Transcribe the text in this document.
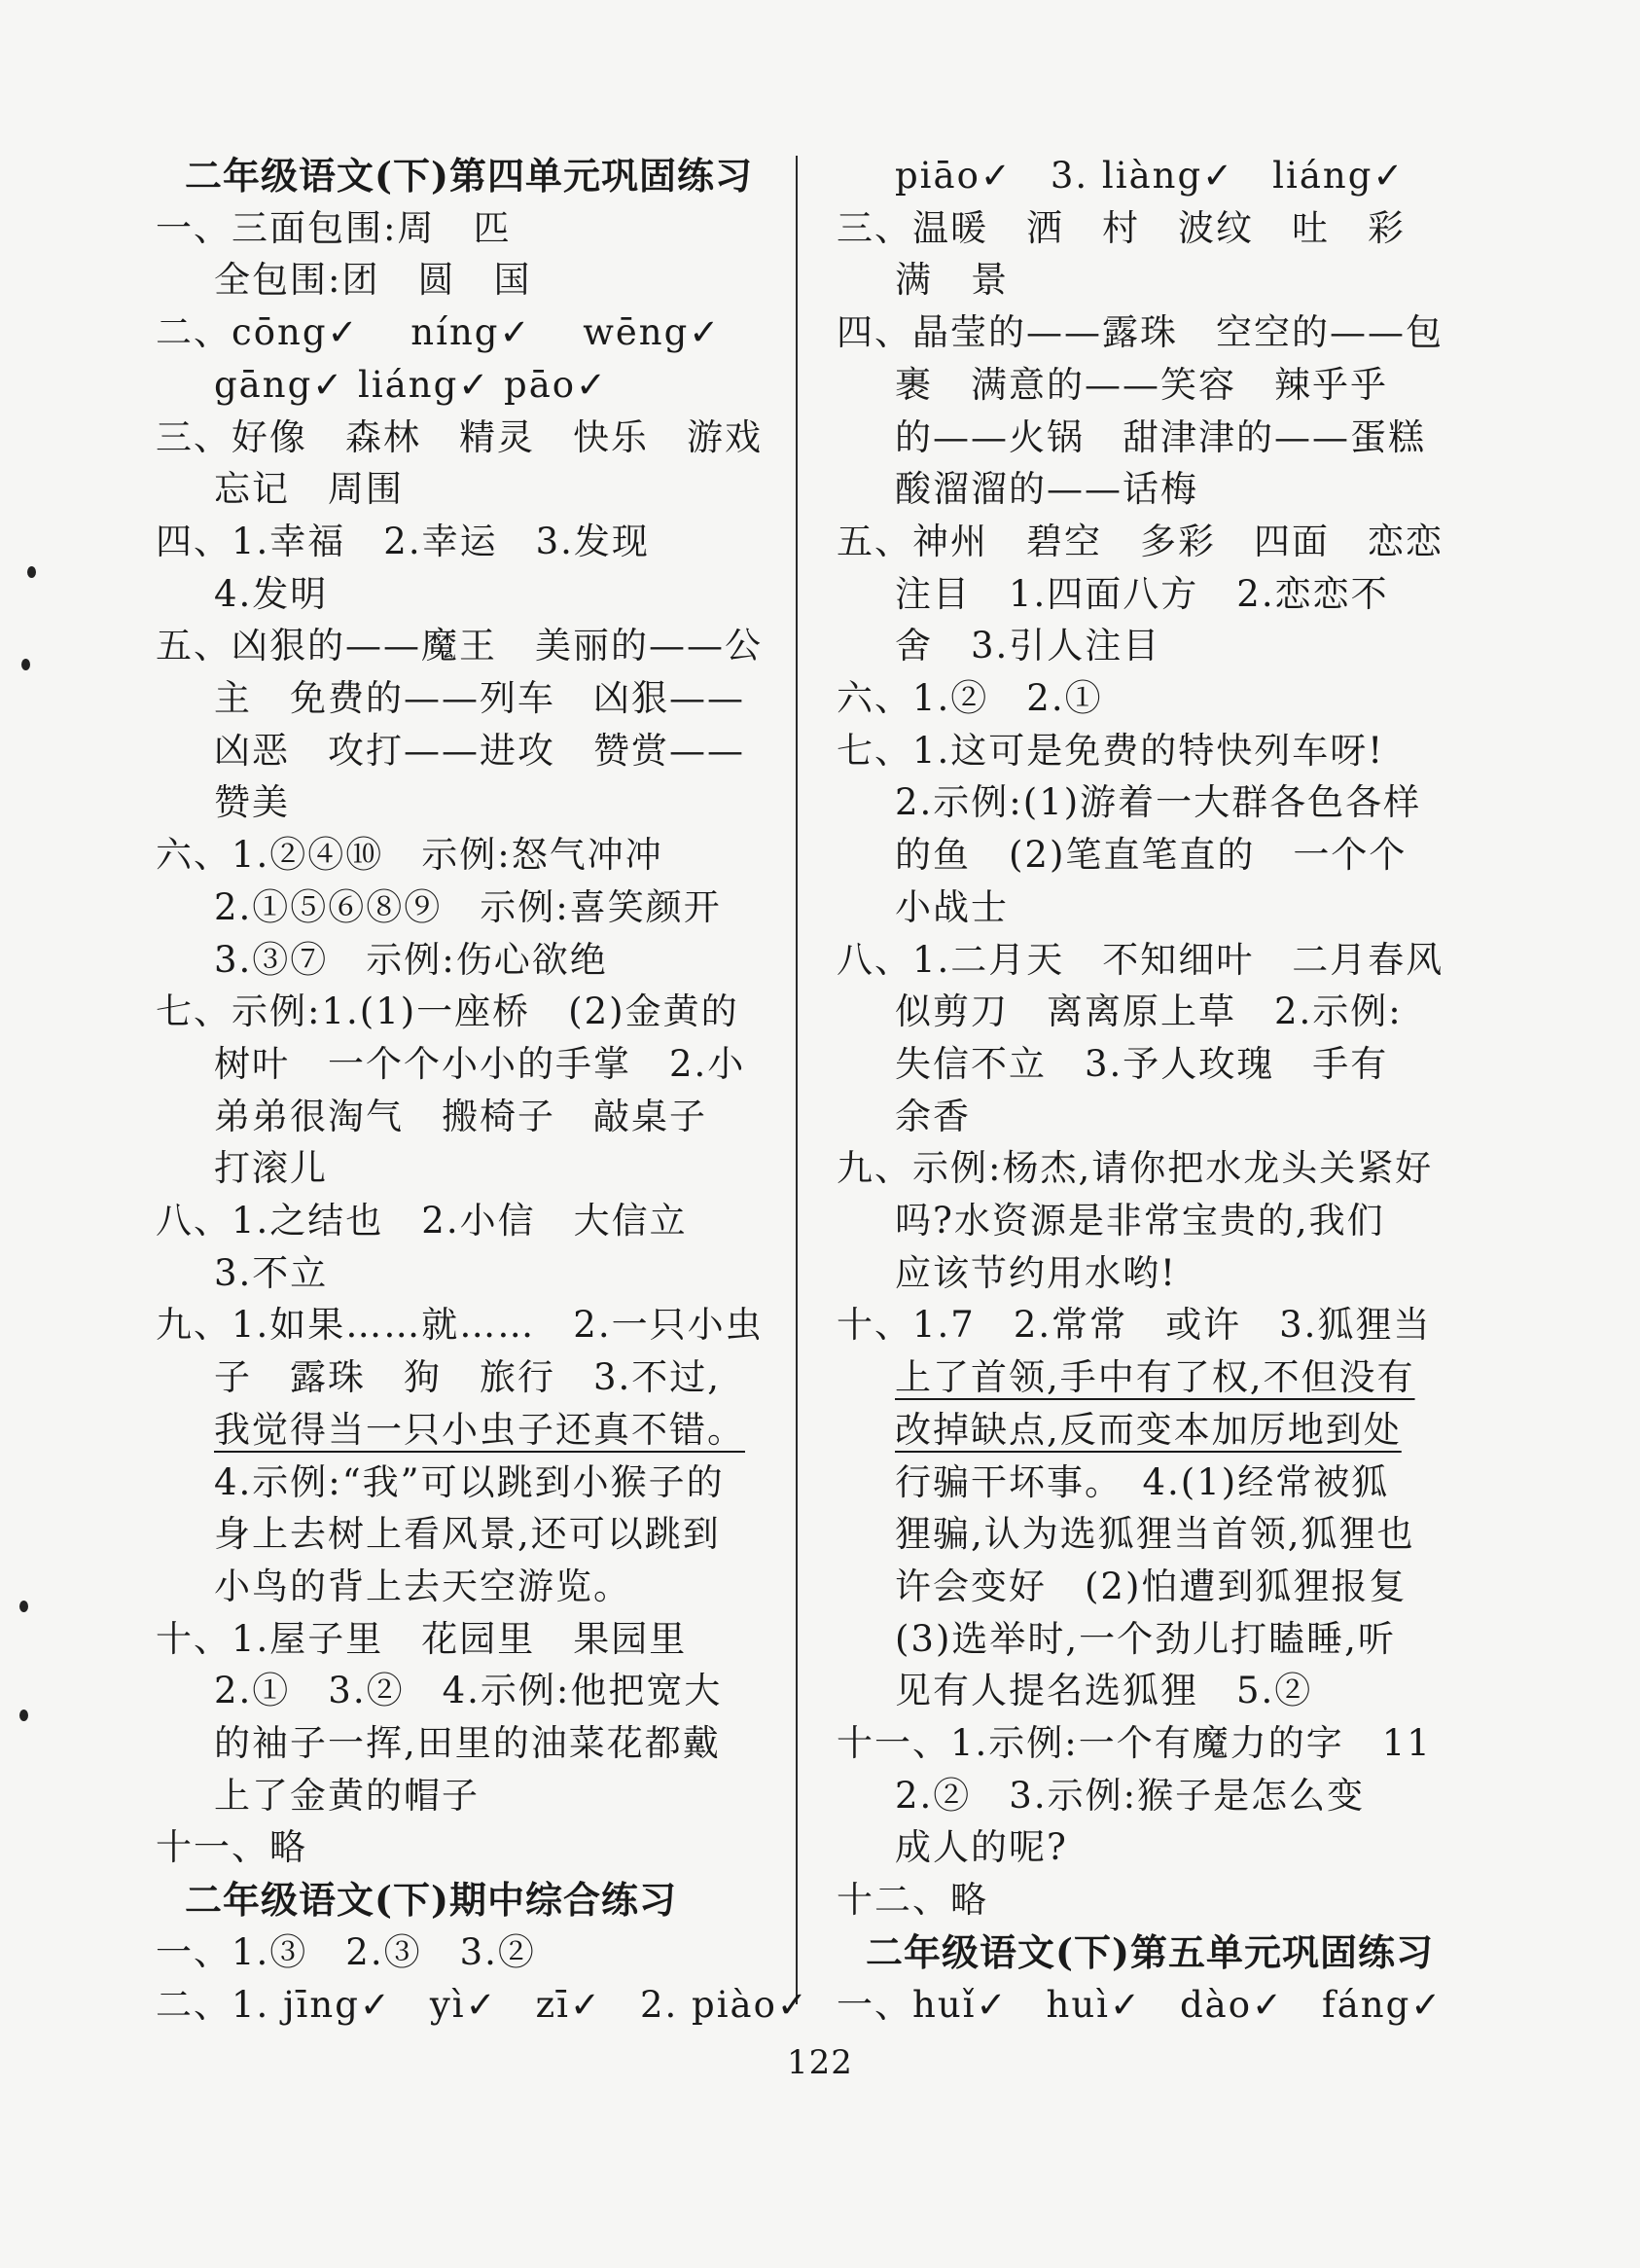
二年级语文(下)第四单元巩固练习
一、三面包围:周　匹
全包围:团　圆　国
二、cōng✓　 níng✓　 wēng✓
gāng✓ liáng✓ pāo✓
三、好像　森林　精灵　快乐　游戏
忘记　周围
四、1.幸福　2.幸运　3.发现
4.发明
五、凶狠的——魔王　美丽的——公
主　免费的——列车　凶狠——
凶恶　攻打——进攻　赞赏——
赞美
六、1.②④⑩　示例:怒气冲冲
2.①⑤⑥⑧⑨　示例:喜笑颜开
3.③⑦　示例:伤心欲绝
七、示例:1.(1)一座桥　(2)金黄的
树叶　一个个小小的手掌　2.小
弟弟很淘气　搬椅子　敲桌子
打滚儿
八、1.之结也　2.小信　大信立
3.不立
九、1.如果……就……　2.一只小虫
子　露珠　狗　旅行　3.不过,
我觉得当一只小虫子还真不错。
4.示例:“我”可以跳到小猴子的
身上去树上看风景,还可以跳到
小鸟的背上去天空游览。
十、1.屋子里　花园里　果园里
2.①　3.②　4.示例:他把宽大
的袖子一挥,田里的油菜花都戴
上了金黄的帽子
十一、略
二年级语文(下)期中综合练习
一、1.③　2.③　3.②
二、1. jīng✓　yì✓　zī✓　2. piào✓
piāo✓　3. liàng✓　liáng✓
三、温暖　洒　村　波纹　吐　彩
满　景
四、晶莹的——露珠　空空的——包
裹　满意的——笑容　辣乎乎
的——火锅　甜津津的——蛋糕
酸溜溜的——话梅
五、神州　碧空　多彩　四面　恋恋
注目　1.四面八方　2.恋恋不
舍　3.引人注目
六、1.②　2.①
七、1.这可是免费的特快列车呀!
2.示例:(1)游着一大群各色各样
的鱼　(2)笔直笔直的　一个个
小战士
八、1.二月天　不知细叶　二月春风
似剪刀　离离原上草　2.示例:
失信不立　3.予人玫瑰　手有
余香
九、示例:杨杰,请你把水龙头关紧好
吗?水资源是非常宝贵的,我们
应该节约用水哟!
十、1.7　2.常常　或许　3.狐狸当
上了首领,手中有了权,不但没有
改掉缺点,反而变本加厉地到处
行骗干坏事。　4.(1)经常被狐
狸骗,认为选狐狸当首领,狐狸也
许会变好　(2)怕遭到狐狸报复
(3)选举时,一个劲儿打瞌睡,听
见有人提名选狐狸　5.②
十一、1.示例:一个有魔力的字　11
2.②　3.示例:猴子是怎么变
成人的呢?
十二、略
二年级语文(下)第五单元巩固练习
一、huǐ✓　huì✓　dào✓　fáng✓
122
